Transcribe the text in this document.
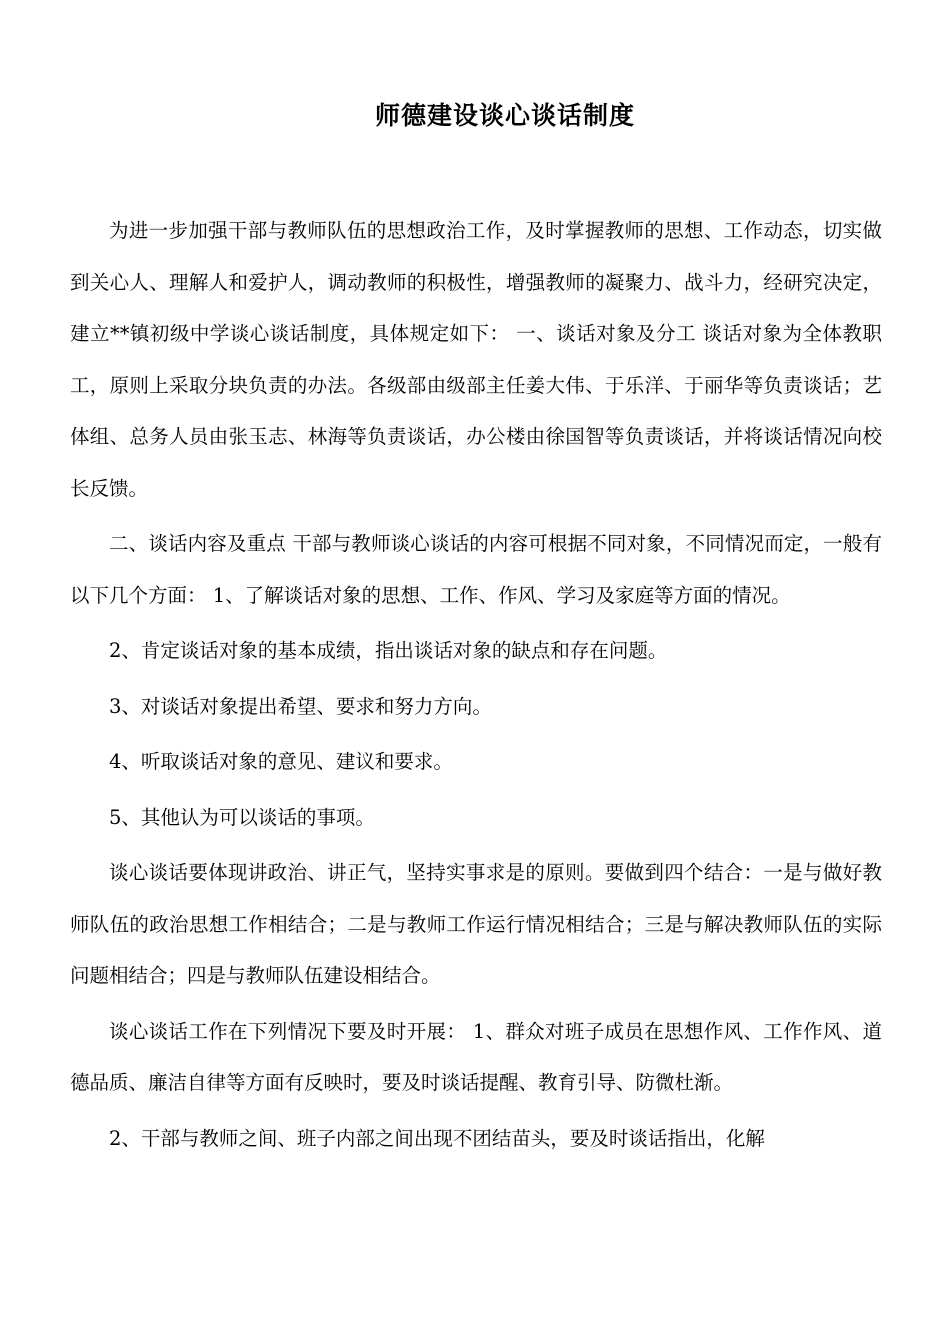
师德建设谈心谈话制度

为进一步加强干部与教师队伍的思想政治工作，及时掌握教师的思想、工作动态，切实做到关心人、理解人和爱护人，调动教师的积极性，增强教师的凝聚力、战斗力，经研究决定，建立**镇初级中学谈心谈话制度，具体规定如下： 一、谈话对象及分工 谈话对象为全体教职工，原则上采取分块负责的办法。各级部由级部主任姜大伟、于乐洋、于丽华等负责谈话；艺体组、总务人员由张玉志、林海等负责谈话，办公楼由徐国智等负责谈话，并将谈话情况向校长反馈。

二、谈话内容及重点 干部与教师谈心谈话的内容可根据不同对象，不同情况而定，一般有以下几个方面： 1、了解谈话对象的思想、工作、作风、学习及家庭等方面的情况。

2、肯定谈话对象的基本成绩，指出谈话对象的缺点和存在问题。

3、对谈话对象提出希望、要求和努力方向。

4、听取谈话对象的意见、建议和要求。

5、其他认为可以谈话的事项。

谈心谈话要体现讲政治、讲正气，坚持实事求是的原则。要做到四个结合：一是与做好教师队伍的政治思想工作相结合；二是与教师工作运行情况相结合；三是与解决教师队伍的实际问题相结合；四是与教师队伍建设相结合。

谈心谈话工作在下列情况下要及时开展： 1、群众对班子成员在思想作风、工作作风、道德品质、廉洁自律等方面有反映时，要及时谈话提醒、教育引导、防微杜渐。

2、干部与教师之间、班子内部之间出现不团结苗头，要及时谈话指出，化解
